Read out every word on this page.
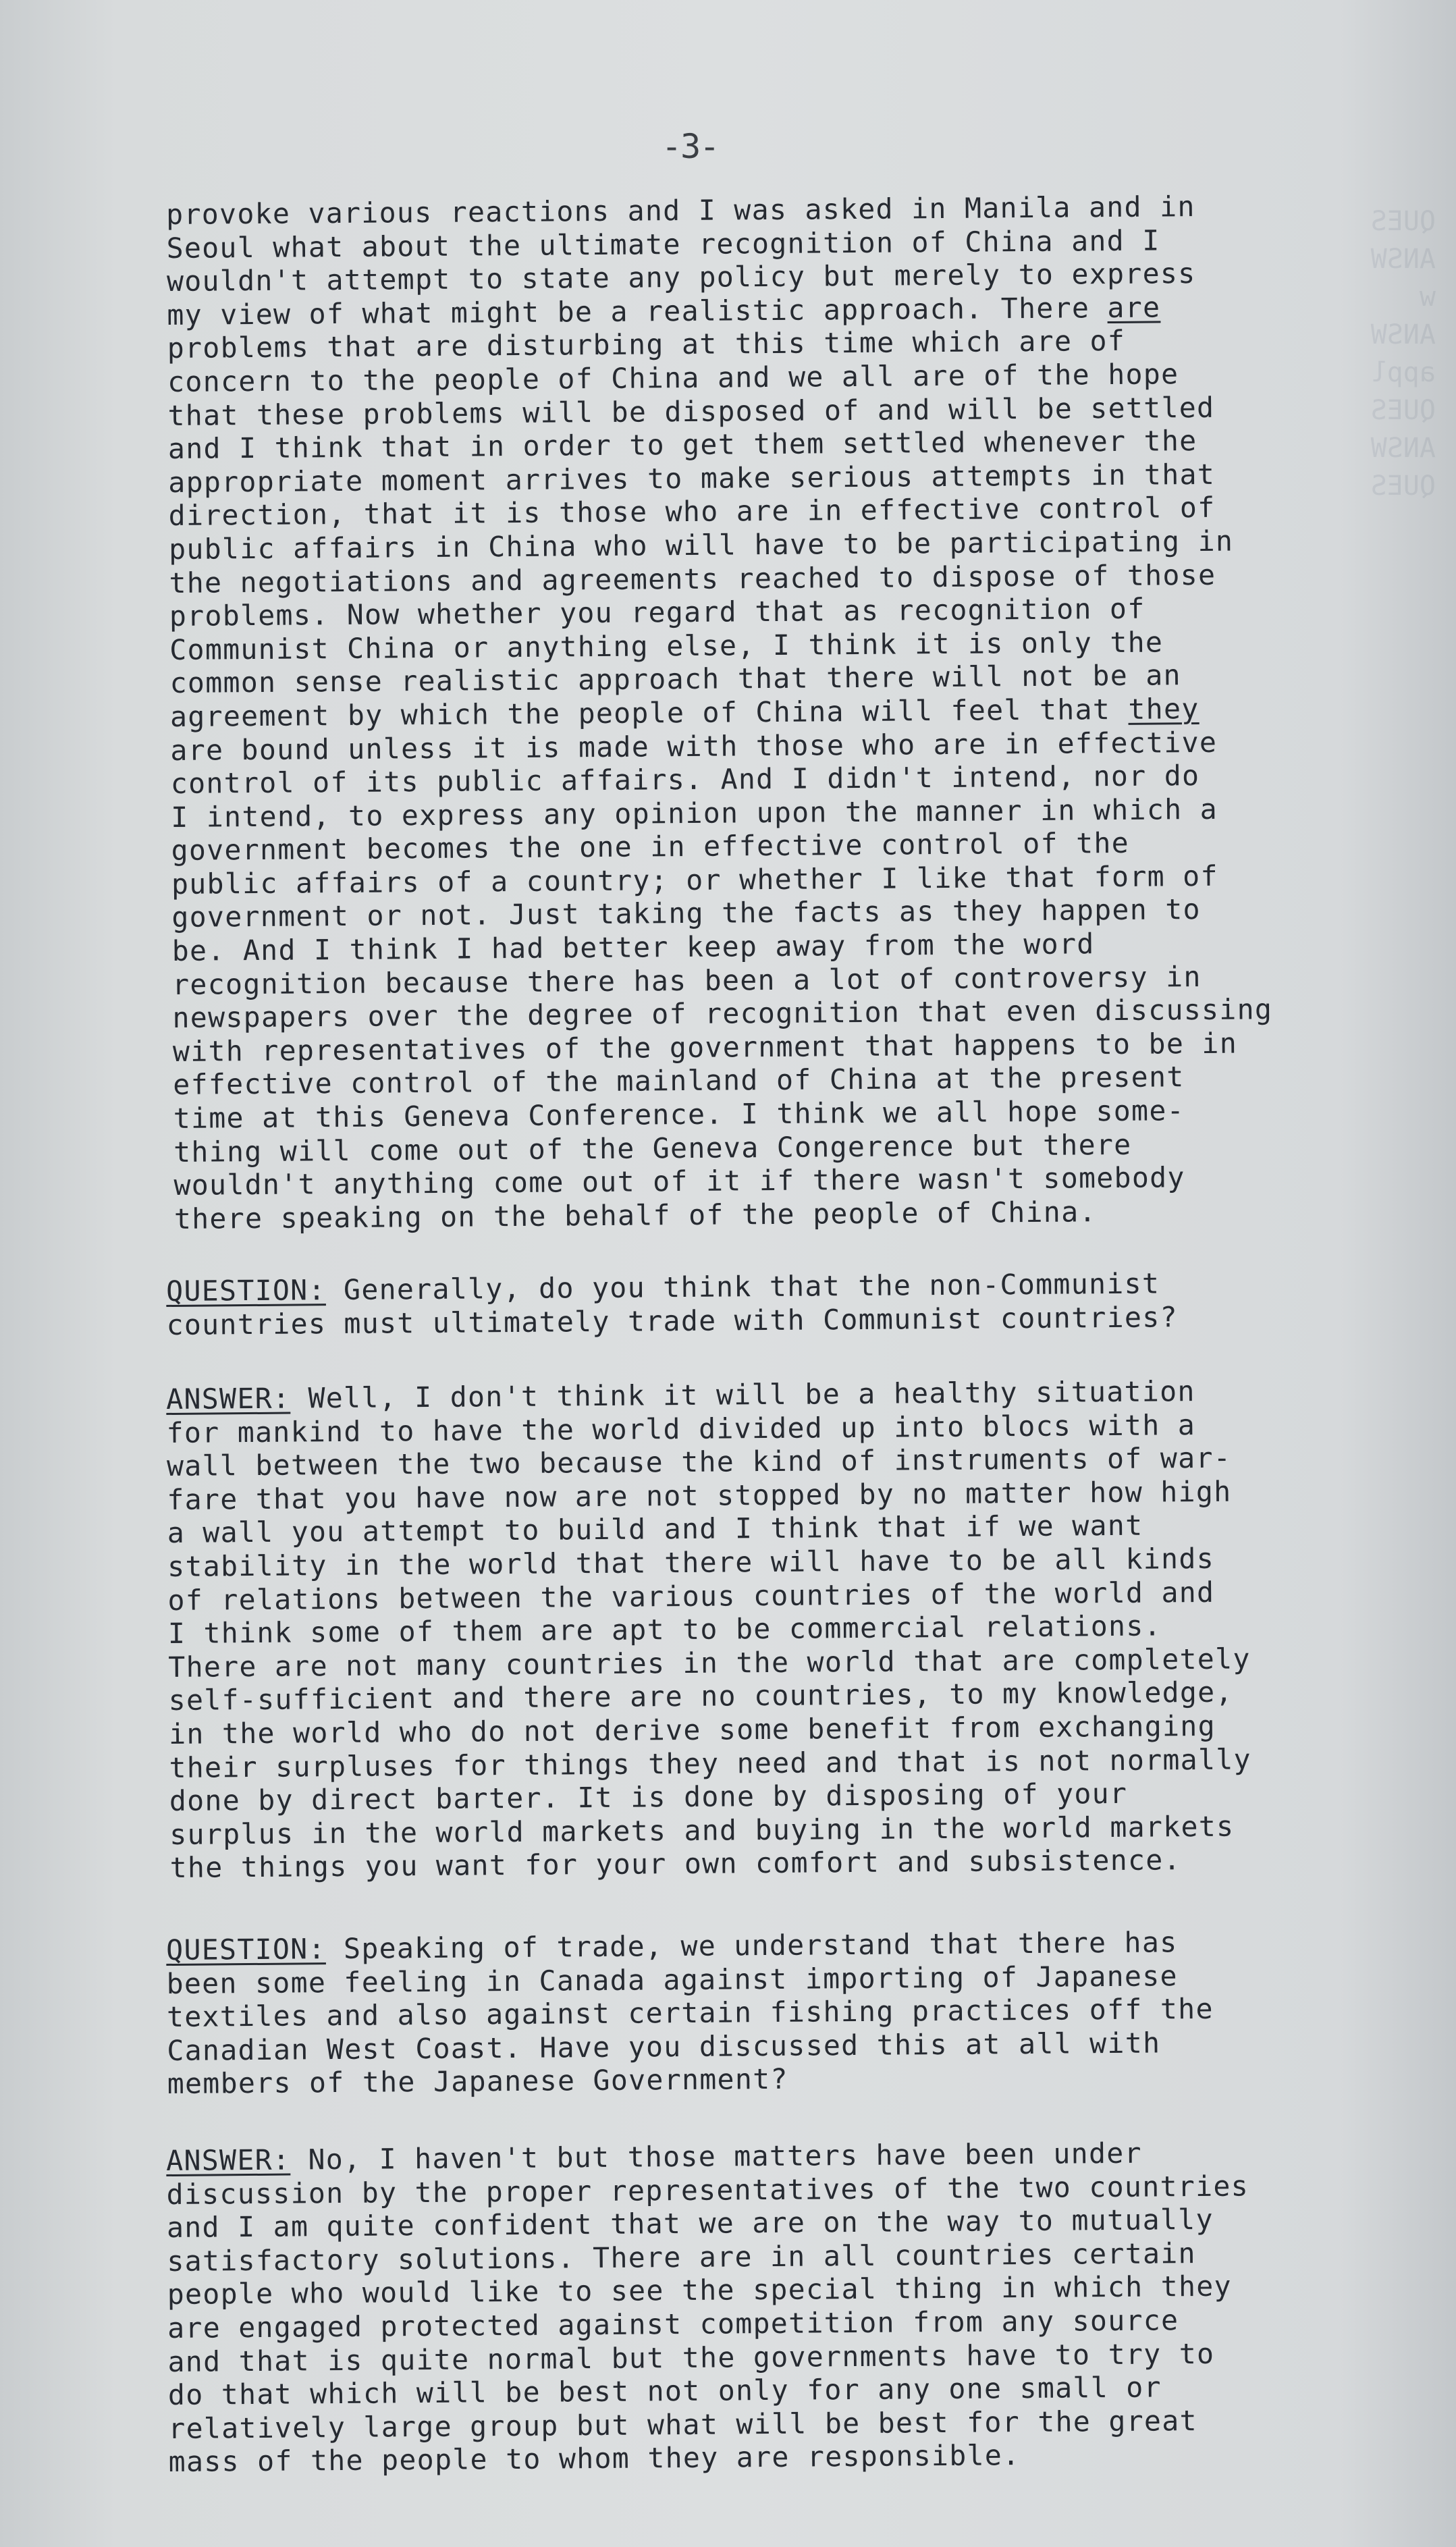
-3-
QUES
ANSW
w
ANSW
appl
QUES
ANSW
QUES
provoke various reactions and I was asked in Manila and in
Seoul what about the ultimate recognition of China and I
wouldn't attempt to state any policy but merely to express
my view of what might be a realistic approach. There are
problems that are disturbing at this time which are of
concern to the people of China and we all are of the hope
that these problems will be disposed of and will be settled
and I think that in order to get them settled whenever the
appropriate moment arrives to make serious attempts in that
direction, that it is those who are in effective control of
public affairs in China who will have to be participating in
the negotiations and agreements reached to dispose of those
problems. Now whether you regard that as recognition of
Communist China or anything else, I think it is only the
common sense realistic approach that there will not be an
agreement by which the people of China will feel that they
are bound unless it is made with those who are in effective
control of its public affairs. And I didn't intend, nor do
I intend, to express any opinion upon the manner in which a
government becomes the one in effective control of the
public affairs of a country; or whether I like that form of
government or not. Just taking the facts as they happen to
be. And I think I had better keep away from the word
recognition because there has been a lot of controversy in
newspapers over the degree of recognition that even discussing
with representatives of the government that happens to be in
effective control of the mainland of China at the present
time at this Geneva Conference. I think we all hope some-
thing will come out of the Geneva Congerence but there
wouldn't anything come out of it if there wasn't somebody
there speaking on the behalf of the people of China.
QUESTION: Generally, do you think that the non-Communist
countries must ultimately trade with Communist countries?
ANSWER: Well, I don't think it will be a healthy situation
for mankind to have the world divided up into blocs with a
wall between the two because the kind of instruments of war-
fare that you have now are not stopped by no matter how high
a wall you attempt to build and I think that if we want
stability in the world that there will have to be all kinds
of relations between the various countries of the world and
I think some of them are apt to be commercial relations.
There are not many countries in the world that are completely
self-sufficient and there are no countries, to my knowledge,
in the world who do not derive some benefit from exchanging
their surpluses for things they need and that is not normally
done by direct barter. It is done by disposing of your
surplus in the world markets and buying in the world markets
the things you want for your own comfort and subsistence.
QUESTION: Speaking of trade, we understand that there has
been some feeling in Canada against importing of Japanese
textiles and also against certain fishing practices off the
Canadian West Coast. Have you discussed this at all with
members of the Japanese Government?
ANSWER: No, I haven't but those matters have been under
discussion by the proper representatives of the two countries
and I am quite confident that we are on the way to mutually
satisfactory solutions. There are in all countries certain
people who would like to see the special thing in which they
are engaged protected against competition from any source
and that is quite normal but the governments have to try to
do that which will be best not only for any one small or
relatively large group but what will be best for the great
mass of the people to whom they are responsible.
